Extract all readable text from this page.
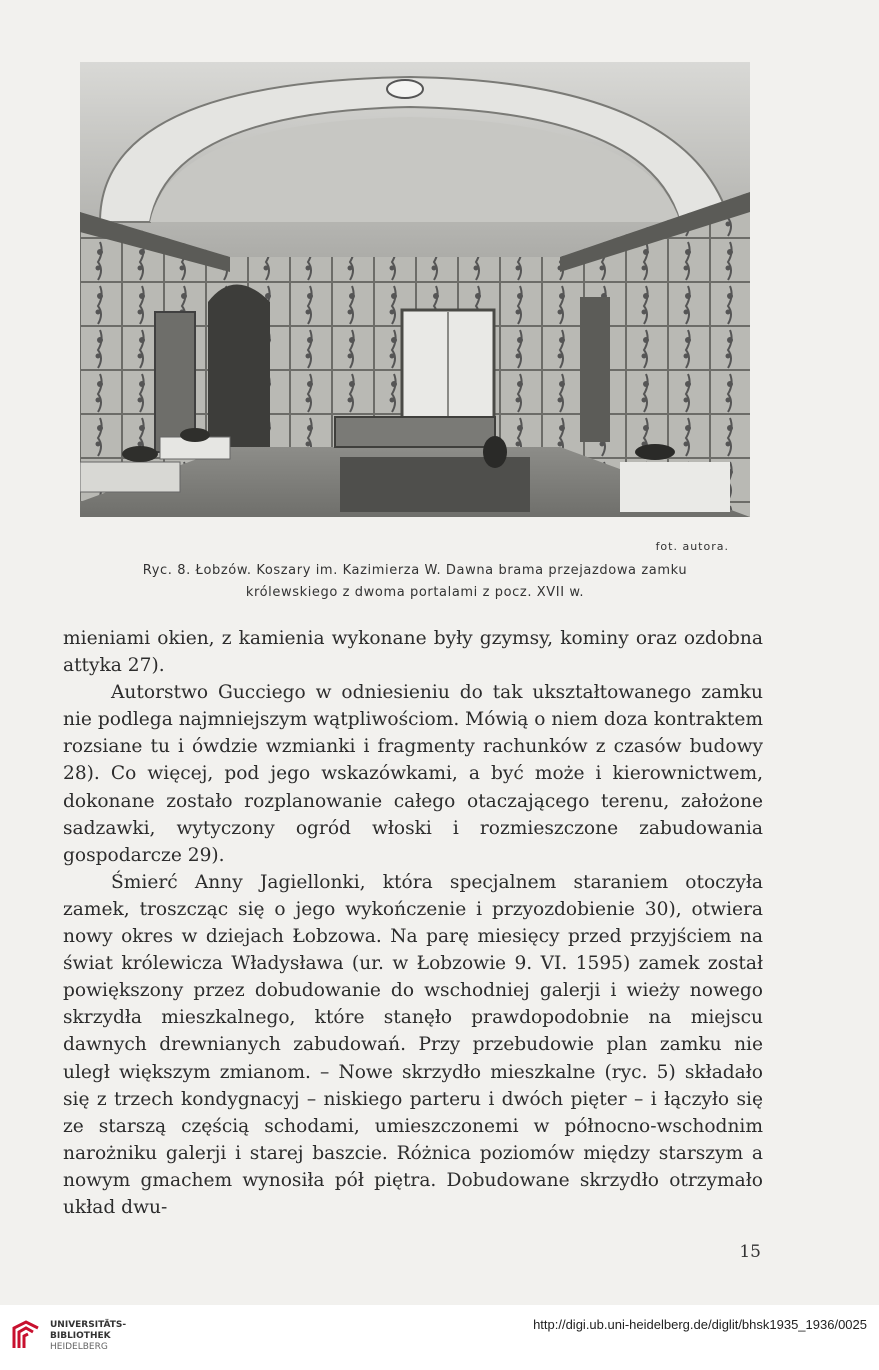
fot. autora.
Ryc. 8. Łobzów. Koszary im. Kazimierza W. Dawna brama przejazdowa zamku
królewskiego z dwoma portalami z pocz. XVII w.

mieniami okien, z kamienia wykonane były gzymsy, kominy oraz ozdobna attyka 27).

Autorstwo Gucciego w odniesieniu do tak ukształtowanego zamku nie podlega najmniejszym wątpliwościom. Mówią o niem doza kontraktem rozsiane tu i ówdzie wzmianki i fragmenty rachunków z czasów budowy 28). Co więcej, pod jego wskazówkami, a być może i kierownictwem, dokonane zostało rozplanowanie całego otaczającego terenu, założone sadzawki, wytyczony ogród włoski i rozmieszczone zabudowania gospodarcze 29).

Śmierć Anny Jagiellonki, która specjalnem staraniem otoczyła zamek, troszcząc się o jego wykończenie i przyozdobienie 30), otwiera nowy okres w dziejach Łobzowa. Na parę miesięcy przed przyjściem na świat królewicza Władysława (ur. w Łobzowie 9. VI. 1595) zamek został powiększony przez dobudowanie do wschodniej galerji i wieży nowego skrzydła mieszkalnego, które stanęło prawdopodobnie na miejscu dawnych drewnianych zabudowań. Przy przebudowie plan zamku nie uległ większym zmianom. – Nowe skrzydło mieszkalne (ryc. 5) składało się z trzech kondygnacyj – niskiego parteru i dwóch pięter – i łączyło się ze starszą częścią schodami, umieszczonemi w północno-wschodnim narożniku galerji i starej baszcie. Różnica poziomów między starszym a nowym gmachem wynosiła pół piętra. Dobudowane skrzydło otrzymało układ dwu-

15
UNIVERSITÄTS-
BIBLIOTHEK
HEIDELBERG
http://digi.ub.uni-heidelberg.de/diglit/bhsk1935_1936/0025
